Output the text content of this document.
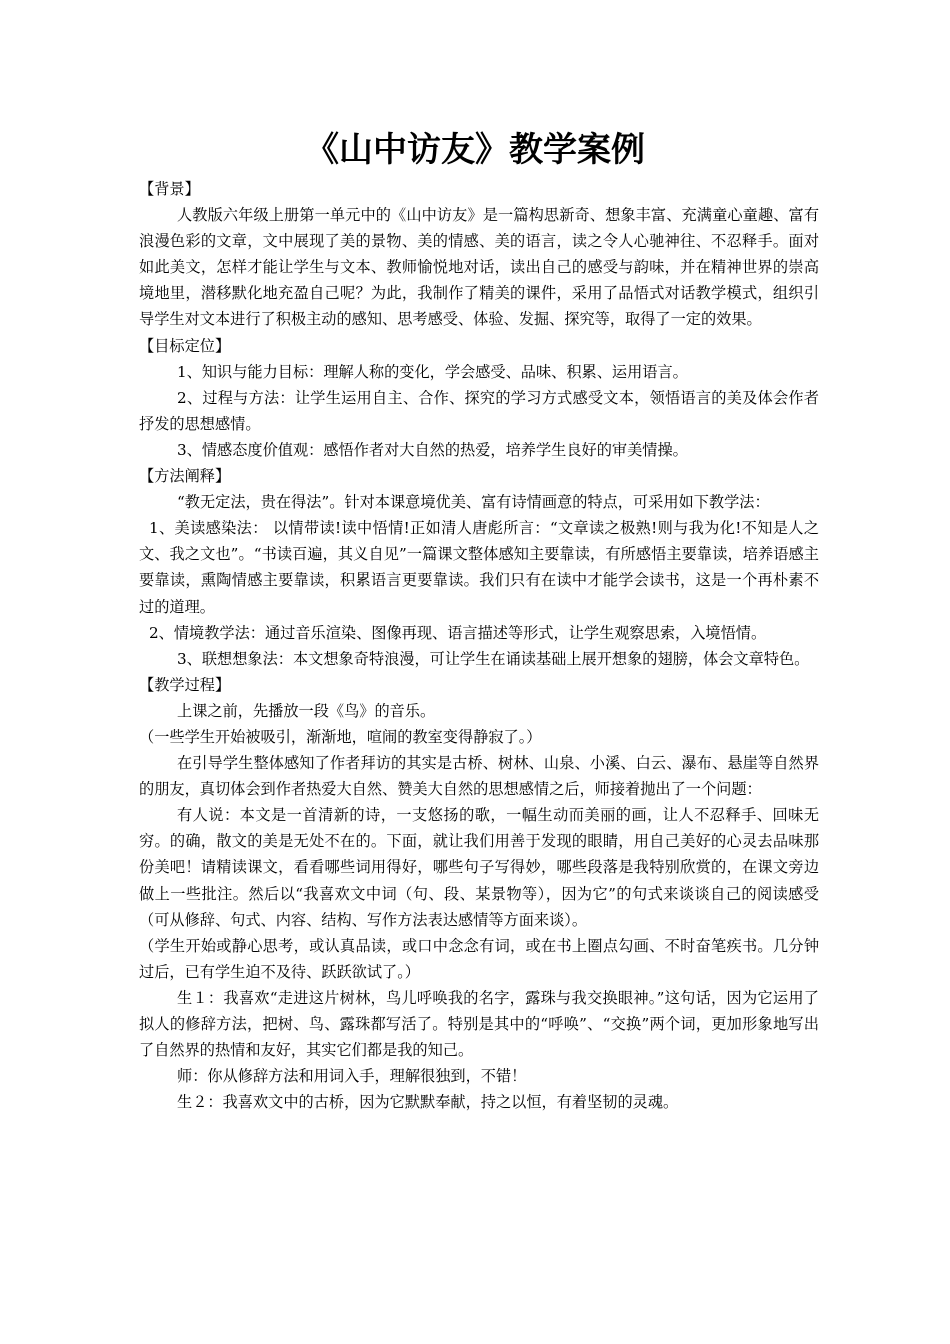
《山中访友》教学案例

【背景】

人教版六年级上册第一单元中的《山中访友》是一篇构思新奇、想象丰富、充满童心童趣、富有浪漫色彩的文章，文中展现了美的景物、美的情感、美的语言，读之令人心驰神往、不忍释手。面对如此美文，怎样才能让学生与文本、教师愉悦地对话，读出自己的感受与韵味，并在精神世界的崇高境地里，潜移默化地充盈自己呢？为此，我制作了精美的课件，采用了品悟式对话教学模式，组织引导学生对文本进行了积极主动的感知、思考感受、体验、发掘、探究等，取得了一定的效果。

【目标定位】

1、知识与能力目标：理解人称的变化，学会感受、品味、积累、运用语言。

2、过程与方法：让学生运用自主、合作、探究的学习方式感受文本，领悟语言的美及体会作者抒发的思想感情。

3、情感态度价值观：感悟作者对大自然的热爱，培养学生良好的审美情操。

【方法阐释】

“教无定法，贵在得法”。针对本课意境优美、富有诗情画意的特点，可采用如下教学法：

1、美读感染法： 以情带读!读中悟情!正如清人唐彪所言：“文章读之极熟!则与我为化!不知是人之文、我之文也”。“书读百遍，其义自见”一篇课文整体感知主要靠读，有所感悟主要靠读，培养语感主要靠读，熏陶情感主要靠读，积累语言更要靠读。我们只有在读中才能学会读书，这是一个再朴素不过的道理。

2、情境教学法：通过音乐渲染、图像再现、语言描述等形式，让学生观察思索，入境悟情。

3、联想想象法：本文想象奇特浪漫，可让学生在诵读基础上展开想象的翅膀，体会文章特色。

【教学过程】

上课之前，先播放一段《鸟》的音乐。

（一些学生开始被吸引，渐渐地，喧闹的教室变得静寂了。）

在引导学生整体感知了作者拜访的其实是古桥、树林、山泉、小溪、白云、瀑布、悬崖等自然界的朋友，真切体会到作者热爱大自然、赞美大自然的思想感情之后，师接着抛出了一个问题：

有人说：本文是一首清新的诗，一支悠扬的歌，一幅生动而美丽的画，让人不忍释手、回味无穷。的确，散文的美是无处不在的。下面，就让我们用善于发现的眼睛，用自己美好的心灵去品味那份美吧！请精读课文，看看哪些词用得好，哪些句子写得妙，哪些段落是我特别欣赏的，在课文旁边做上一些批注。然后以“我喜欢文中词（句、段、某景物等），因为它”的句式来谈谈自己的阅读感受（可从修辞、句式、内容、结构、写作方法表达感情等方面来谈）。

（学生开始或静心思考，或认真品读，或口中念念有词，或在书上圈点勾画、不时奋笔疾书。几分钟过后，已有学生迫不及待、跃跃欲试了。）

生１：我喜欢“走进这片树林，鸟儿呼唤我的名字，露珠与我交换眼神。”这句话，因为它运用了拟人的修辞方法，把树、鸟、露珠都写活了。特别是其中的“呼唤”、“交换”两个词，更加形象地写出了自然界的热情和友好，其实它们都是我的知己。

师：你从修辞方法和用词入手，理解很独到，不错！

生２：我喜欢文中的古桥，因为它默默奉献，持之以恒，有着坚韧的灵魂。
